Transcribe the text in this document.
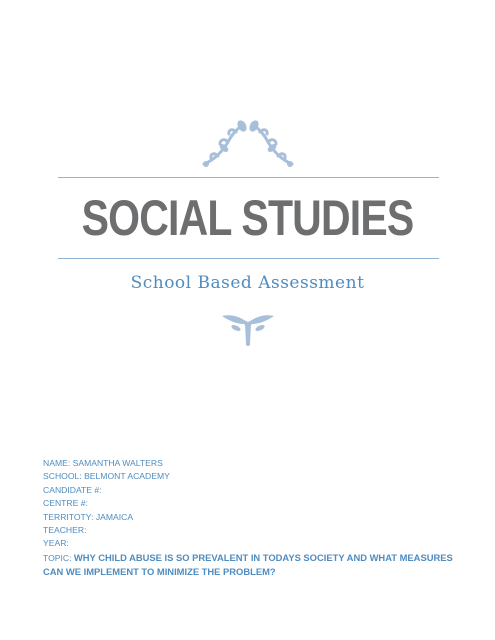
SOCIAL STUDIES
School Based Assessment
NAME: SAMANTHA WALTERS
SCHOOL: BELMONT ACADEMY
CANDIDATE #:
CENTRE #:
TERRITOTY: JAMAICA
TEACHER:
YEAR:
TOPIC: WHY CHILD ABUSE IS SO PREVALENT IN TODAYS SOCIETY AND WHAT MEASURES CAN WE IMPLEMENT TO MINIMIZE THE PROBLEM?
